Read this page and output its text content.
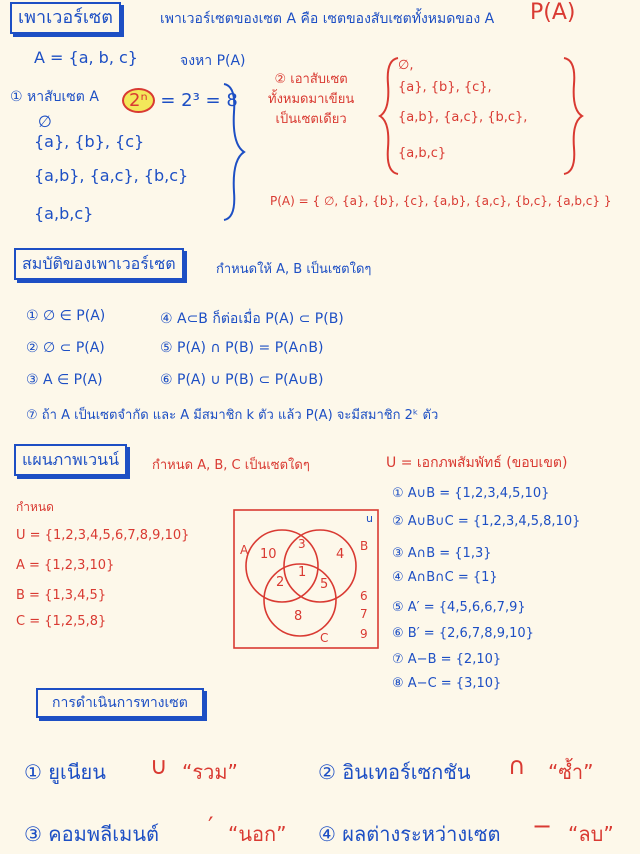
เพาเวอร์เซต	เพาเวอร์เซตของเซต A คือ เซตของสับเซตทั้งหมดของ A P(A)
A = {a, b, c}	จงหา P(A)
① หาสับเซต A	2ⁿ = 2³ = 8
∅
{a}, {b}, {c}
{a,b}, {a,c}, {b,c}
{a,b,c}
② เอาสับเซต
ทั้งหมดมาเขียน
เป็นเซตเดียว
∅,
{a}, {b}, {c},
{a,b}, {a,c}, {b,c},
{a,b,c}
P(A) = { ∅, {a}, {b}, {c}, {a,b}, {a,c}, {b,c}, {a,b,c} }
สมบัติของเพาเวอร์เซต	กำหนดให้ A, B เป็นเซตใดๆ
① ∅ ∈ P(A)
② ∅ ⊂ P(A)
③ A ∈ P(A)
④ A⊂B ก็ต่อเมื่อ P(A) ⊂ P(B)
⑤ P(A) ∩ P(B) = P(A∩B)
⑥ P(A) ∪ P(B) ⊂ P(A∪B)
⑦ ถ้า A เป็นเซตจำกัด และ A มีสมาชิก k ตัว แล้ว P(A) จะมีสมาชิก 2ᵏ ตัว
แผนภาพเวนน์	กำหนด A, B, C เป็นเซตใดๆ	U = เอกภพสัมพัทธ์ (ขอบเขต)
กำหนด
U = {1,2,3,4,5,6,7,8,9,10}
A = {1,2,3,10}
B = {1,3,4,5}
C = {1,2,5,8}
u
A	B
C
10
3
4
2
1
5
8
6
7
9
① A∪B = {1,2,3,4,5,10}
② A∪B∪C = {1,2,3,4,5,8,10}
③ A∩B = {1,3}
④ A∩B∩C = {1}
⑤ A′ = {4,5,6,6,7,9}
⑥ B′ = {2,6,7,8,9,10}
⑦ A−B = {2,10}
⑧ A−C = {3,10}
การดำเนินการทางเซต
① ยูเนียน ∪ “รวม”	② อินเทอร์เซกชัน ∩ “ซ้ำ”
③ คอมพลีเมนต์ ′ “นอก” ④ ผลต่างระหว่างเซต − “ลบ”
